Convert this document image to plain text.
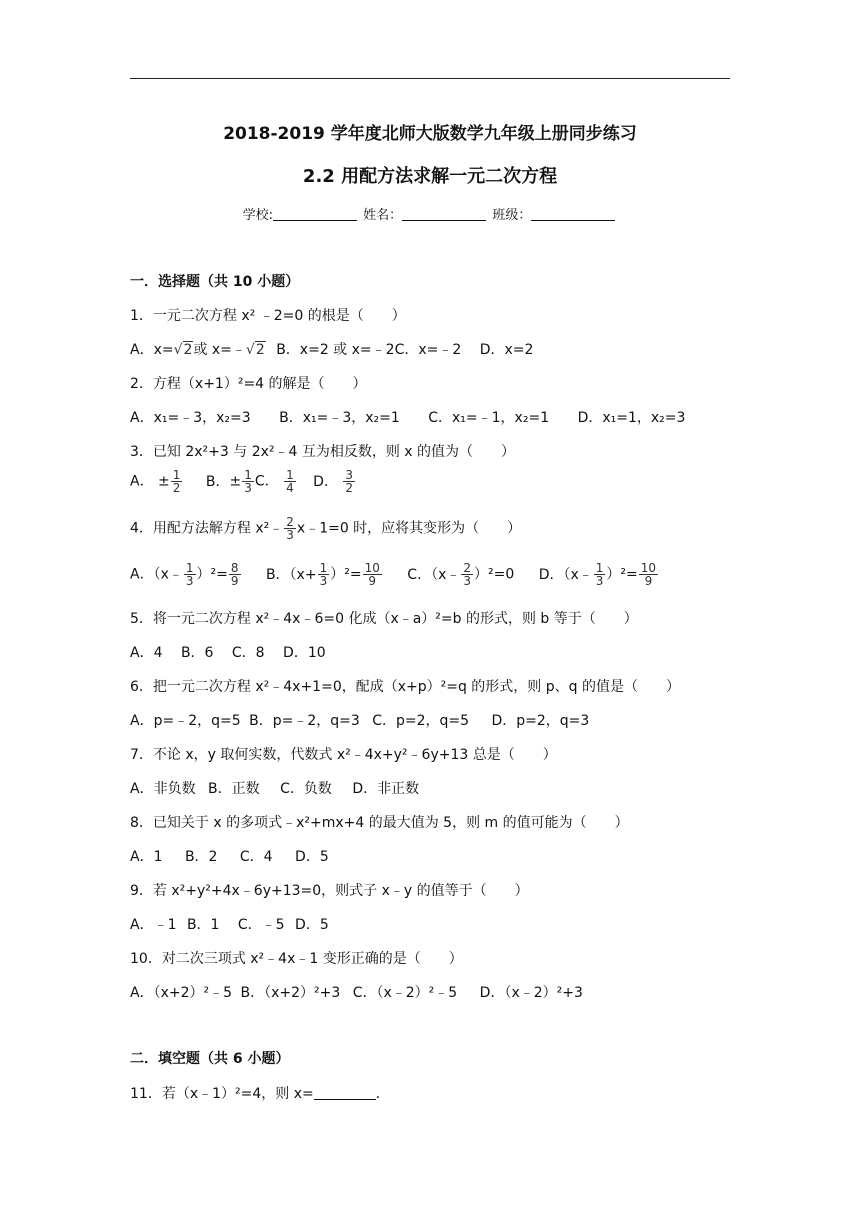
2018-2019 学年度北师大版数学九年级上册同步练习
2.2 用配方法求解一元二次方程
学校:	姓名：	班级：
一．选择题（共 10 小题）
1．一元二次方程 x² ﹣2=0 的根是（　　）
A．x=√2或 x=﹣√2 B．x=2 或 x=﹣2C．x=﹣2 D．x=2
2．方程（x+1）²=4 的解是（　　）
A．x₁=﹣3，x₂=3 B．x₁=﹣3，x₂=1 C．x₁=﹣1，x₂=1 D．x₁=1，x₂=3
3．已知 2x²+3 与 2x²﹣4 互为相反数，则 x 的值为（　　）
A． ± $\frac{1}{2}$ B．± $\frac{1}{3}$ C． $\frac{1}{4}$ D． $\frac{3}{2}$
4．用配方法解方程 x²﹣ $\frac{2}{3}$ x﹣1=0 时，应将其变形为（　　）
A．（x﹣ $\frac{1}{3} )^2= \frac{8}{9}$ B．$(x+ \frac{1}{3} )^2= \frac{10}{9}$ C．（x﹣ $\frac{2}{3} )^2=0$ D．（x﹣ $\frac{1}{3} )^2= \frac{10}{9}$
5．将一元二次方程 x²﹣4x﹣6=0 化成（x﹣a）²=b 的形式，则 b 等于（　　）
A．4 B．6 C．8 D．10
6．把一元二次方程 x²﹣4x+1=0，配成（x+p）²=q 的形式，则 p、q 的值是（　　）
A．p=﹣2，q=5 B．p=﹣2，q=3 C．p=2，q=5 D．p=2，q=3
7．不论 x，y 取何实数，代数式 x²﹣4x+y²﹣6y+13 总是（　　）
A．非负数 B．正数 C．负数 D．非正数
8．已知关于 x 的多项式﹣x²+mx+4 的最大值为 5，则 m 的值可能为（　　）
A．1 B．2 C．4 D．5
9．若 x²+y²+4x﹣6y+13=0，则式子 x﹣y 的值等于（　　）
A．﹣1 B．1 C．﹣5 D．5
10．对二次三项式 x²﹣4x﹣1 变形正确的是（　　）
A．（x+2）²﹣5 B．（x+2）²+3 C．（x﹣2）²﹣5 D．（x﹣2）²+3
二．填空题（共 6 小题）
11．若（x﹣1）²=4，则 x=	．
